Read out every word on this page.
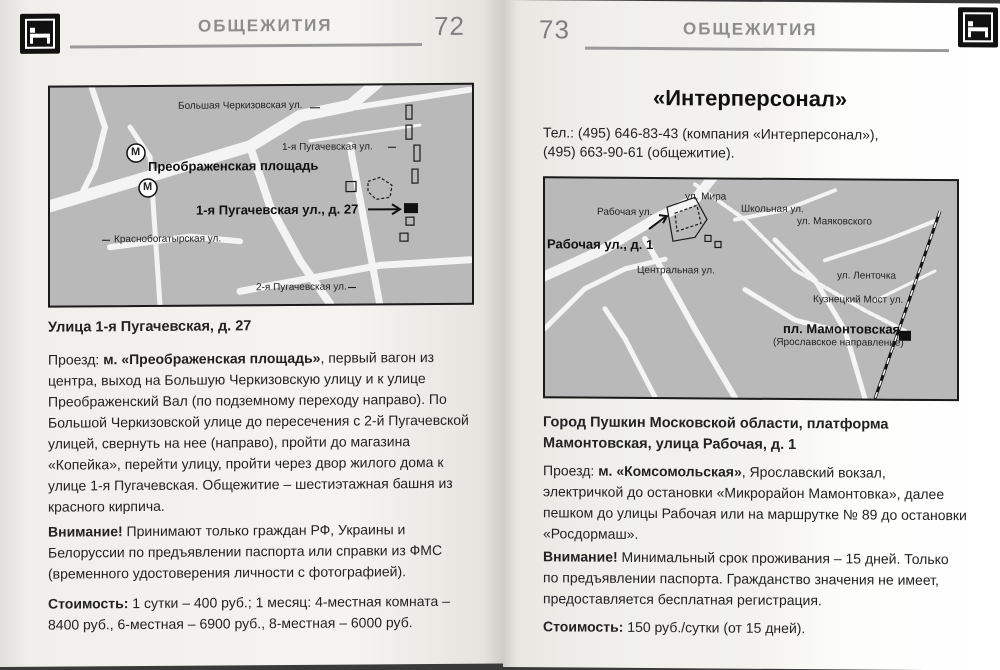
ОБЩЕЖИТИЯ	72
М
М
Большая Черкизовская ул.
1-я Пугачевская ул.
Преображенская площадь
1-я Пугачевская ул., д. 27
Краснобогатырская ул.
2-я Пугачевская ул.
Улица 1-я Пугачевская, д. 27
Проезд: м. «Преображенская площадь», первый вагон из центра, выход на Большую Черкизовскую улицу и к улице Преображенский Вал (по подземному переходу направо). По Большой Черкизовской улице до пересечения с 2-й Пугачевской улицей, свернуть на нее (направо), пройти до магазина «Копейка», перейти улицу, пройти через двор жилого дома к улице 1-я Пугачевская. Общежитие – шестиэтажная башня из красного кирпича.
Внимание! Принимают только граждан РФ, Украины и Белоруссии по предъявлении паспорта или справки из ФМС (временного удостоверения личности с фотографией).
Стоимость: 1 сутки – 400 руб.; 1 месяц: 4-местная комната – 8400 руб., 6-местная – 6900 руб., 8-местная – 6000 руб.
73	ОБЩЕЖИТИЯ
«Интерперсонал»
Тел.: (495) 646-83-43 (компания «Интерперсонал»),
(495) 663-90-61 (общежитие).
Рабочая ул.
ул. Мира
Школьная ул.
ул. Маяковского
Рабочая ул., д. 1
Центральная ул.	ул. Ленточка
Кузнецкий Мост ул.
пл. Мамонтовская
(Ярославское направление)
Город Пушкин Московской области, платформа Мамонтовская, улица Рабочая, д. 1
Проезд: м. «Комсомольская», Ярославский вокзал, электричкой до остановки «Микрорайон Мамонтовка», далее пешком до улицы Рабочая или на маршрутке № 89 до остановки «Росдормаш».
Внимание! Минимальный срок проживания – 15 дней. Только по предъявлении паспорта. Гражданство значения не имеет, предоставляется бесплатная регистрация.
Стоимость: 150 руб./сутки (от 15 дней).
